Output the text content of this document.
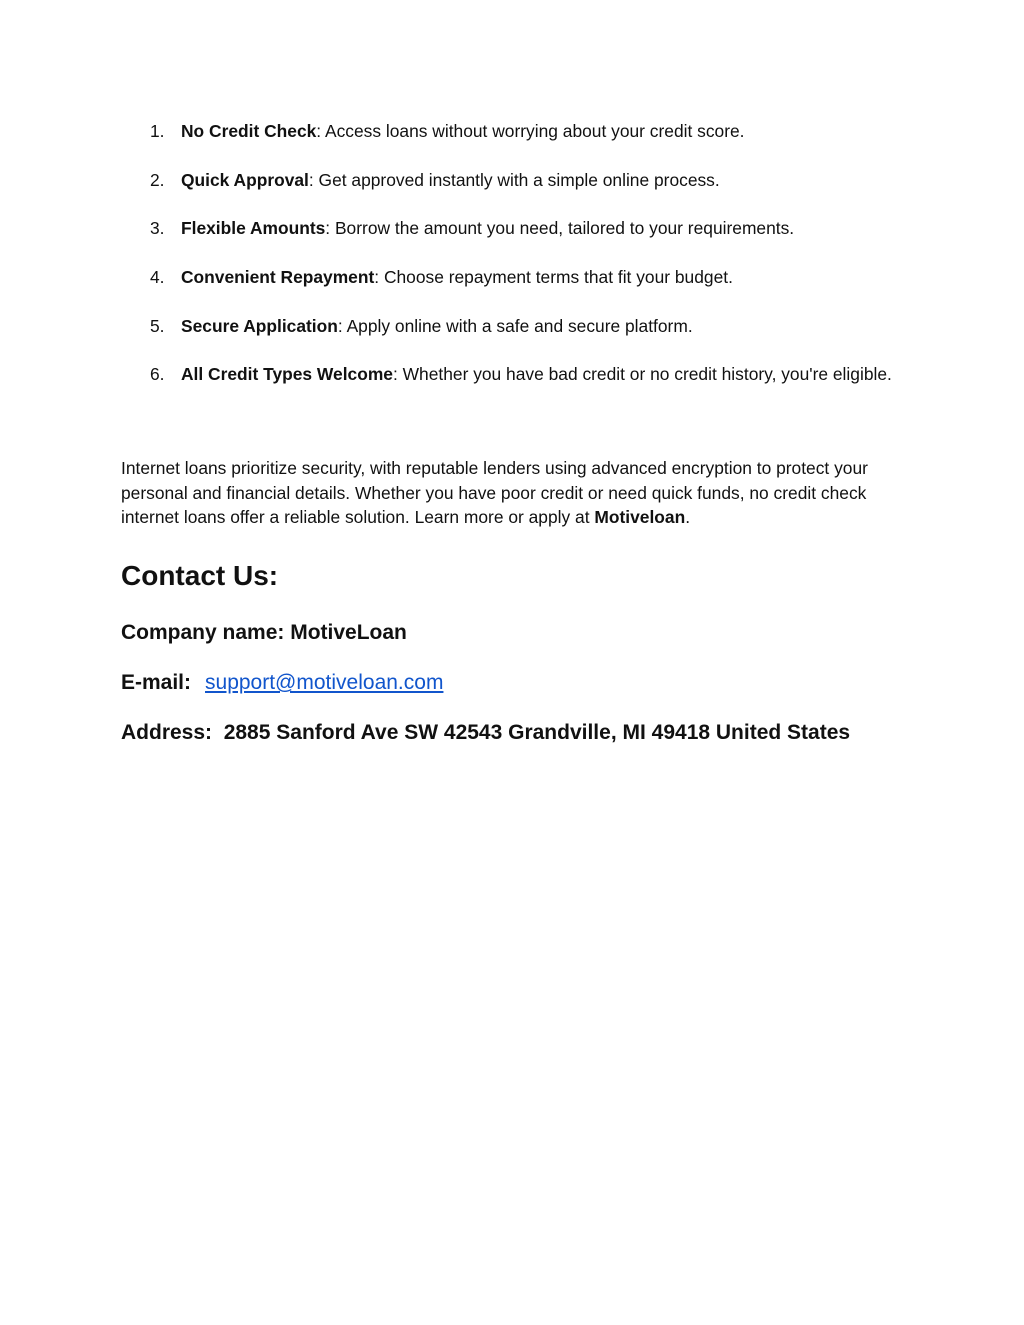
1. No Credit Check: Access loans without worrying about your credit score.
2. Quick Approval: Get approved instantly with a simple online process.
3. Flexible Amounts: Borrow the amount you need, tailored to your requirements.
4. Convenient Repayment: Choose repayment terms that fit your budget.
5. Secure Application: Apply online with a safe and secure platform.
6. All Credit Types Welcome: Whether you have bad credit or no credit history, you're eligible.

Internet loans prioritize security, with reputable lenders using advanced encryption to protect your personal and financial details. Whether you have poor credit or need quick funds, no credit check internet loans offer a reliable solution. Learn more or apply at Motiveloan.

Contact Us:

Company name: MotiveLoan

E-mail: support@motiveloan.com

Address: 2885 Sanford Ave SW 42543 Grandville, MI 49418 United States
